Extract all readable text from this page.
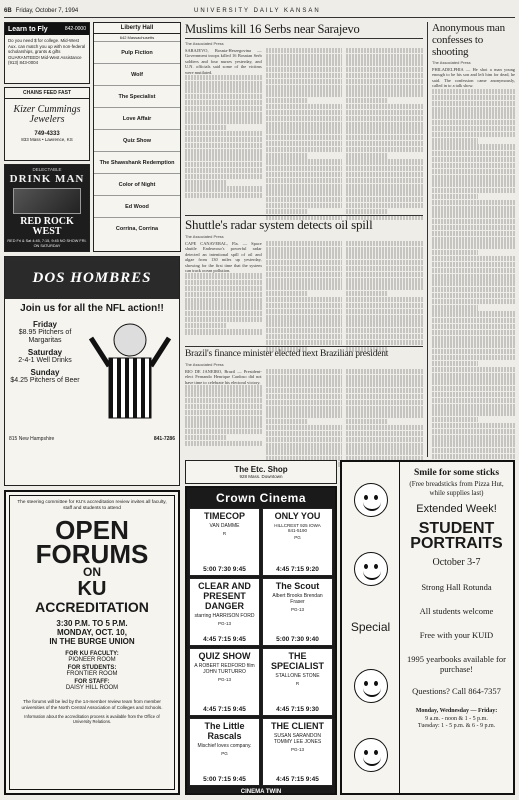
6B Friday, October 7, 1994	UNIVERSITY DAILY KANSAN
Learn to Fly	842-0000
Do you need $ for college. Mid-West Aux. can match you up with non-federal scholarships, grants & gifts GUARANTEED! Mid-West Assistance (913) 843-0004
CHAINS FEED FAST
Kizer Cummings Jewelers
749-4333
833 Mass • Lawrence, KS
DELECTABLE
DRINK MAN
RED ROCK WEST
RED Fri & Sat 4:45, 7:15, 9:45 NO SHOW FRI. ON SATURDAY
DOS HOMBRES
Join us for all the NFL action!!
Friday
$8.95 Pitchers of Margaritas
Saturday
2-4-1 Well Drinks
Sunday
$4.25 Pitchers of Beer
815 New Hampshire	841-7286
Liberty Hall
642 Massachusetts
Pulp Fiction
Wolf
The Specialist
Love Affair
Quiz Show
The Shawshank Redemption
Color of Night
Ed Wood
Corrina, Corrina
Muslims kill 16 Serbs near Sarajevo
The Associated Press
SARAJEVO, Bosnia-Herzegovina — Government troops killed 16 Bosnian Serb soldiers and four nurses yesterday, and U.N. officials said some of the victims were mutilated.
Shuttle's radar system detects oil spill
The Associated Press
CAPE CANAVERAL, Fla. — Space shuttle Endeavour's powerful radar detected an intentional spill of oil and algae from 130 miles up yesterday, showing for the first time that the system can track ocean pollution.
Brazil's finance minister elected next Brazilian president
The Associated Press
RIO DE JANEIRO, Brazil — President-elect Fernando Henrique Cardoso did not have time to celebrate his electoral victory.
Anonymous man confesses to shooting
The Associated Press
PHILADELPHIA — He shot a man young enough to be his son and left him for dead, he said. The confession came anonymously, called in to a talk show.
The steering committee for KU's accreditation review invites all faculty, staff and students to attend
OPEN
FORUMS
ON
KU
ACCREDITATION
3:30 P.M. TO 5 P.M.
MONDAY, OCT. 10,
IN THE BURGE UNION
FOR KU FACULTY:
PIONEER ROOM
FOR STUDENTS:
FRONTIER ROOM
FOR STAFF:
DAISY HILL ROOM
The forums will be led by the 14-member review team from member universities of the North Central Association of Colleges and Schools.
Information about the accreditation process is available from the Office of University Relations.
The Etc. Shop
928 Mass. Downtown
Crown Cinema
TIMECOP
VAN DAMME
R
5:00 7:30 9:45
CLEAR AND PRESENT DANGER
starring HARRISON FORD
PG-13
4:45 7:15 9:45
QUIZ SHOW
A ROBERT REDFORD film JOHN TURTURRO
PG-13
4:45 7:15 9:45
The Little Rascals
Mischief loves company.
PG
5:00 7:15 9:45
ONLY YOU
HILLCREST 925 IOWA
841-5190
PG
4:45 7:15 9:20
The Scout
Albert Brooks Brendan Fraser
PG-13
5:00 7:30 9:40
THE SPECIALIST
STALLONE STONE
R
4:45 7:15 9:30
THE CLIENT
SUSAN SARANDON TOMMY LEE JONES
PG-13
4:45 7:15 9:45
CINEMA TWIN
Special
Smile for some sticks
(Free breadsticks from Pizza Hut, while supplies last)
Extended Week!
STUDENT
PORTRAITS
October 3-7
Strong Hall Rotunda
All students welcome
Free with your KUID
1995 yearbooks available for purchase!
Questions? Call 864-7357
Monday, Wednesday — Friday:
9 a.m. - noon & 1 - 5 p.m.
Tuesday: 1 - 5 p.m. & 6 - 9 p.m.
